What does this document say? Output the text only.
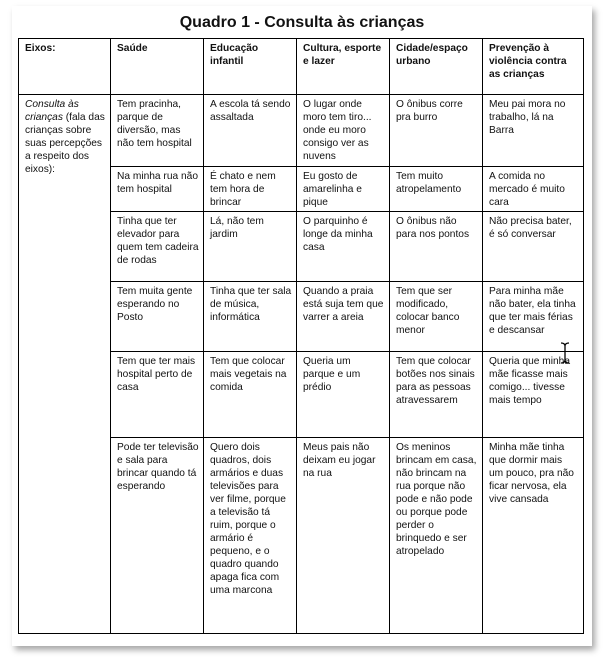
Quadro 1 - Consulta às crianças
Eixos:	Saúde	Educação infantil	Cultura, esporte e lazer	Cidade/espaço urbano	Prevenção à violência contra as crianças
Consulta às crianças (fala das crianças sobre suas percepções a respeito dos eixos):	Tem pracinha, parque de diversão, mas não tem hospital	A escola tá sendo assaltada	O lugar onde moro tem tiro... onde eu moro consigo ver as nuvens	O ônibus corre pra burro	Meu pai mora no trabalho, lá na Barra
	Na minha rua não tem hospital	É chato e nem tem hora de brincar	Eu gosto de amarelinha e pique	Tem muito atropelamento	A comida no mercado é muito cara
	Tinha que ter elevador para quem tem cadeira de rodas	Lá, não tem jardim	O parquinho é longe da minha casa	O ônibus não para nos pontos	Não precisa bater, é só conversar
	Tem muita gente esperando no Posto	Tinha que ter sala de música, informática	Quando a praia está suja tem que varrer a areia	Tem que ser modificado, colocar banco menor	Para minha mãe não bater, ela tinha que ter mais férias e descansar
	Tem que ter mais hospital perto de casa	Tem que colocar mais vegetais na comida	Queria um parque e um prédio	Tem que colocar botões nos sinais para as pessoas atravessarem	Queria que minha mãe ficasse mais comigo... tivesse mais tempo
	Pode ter televisão e sala para brincar quando tá esperando	Quero dois quadros, dois armários e duas televisões para ver filme, porque a televisão tá ruim, porque o armário é pequeno, e o quadro quando apaga fica com uma marcona	Meus pais não deixam eu jogar na rua	Os meninos brincam em casa, não brincam na rua porque não pode e não pode ou porque pode perder o brinquedo e ser atropelado	Minha mãe tinha que dormir mais um pouco, pra não ficar nervosa, ela vive cansada
